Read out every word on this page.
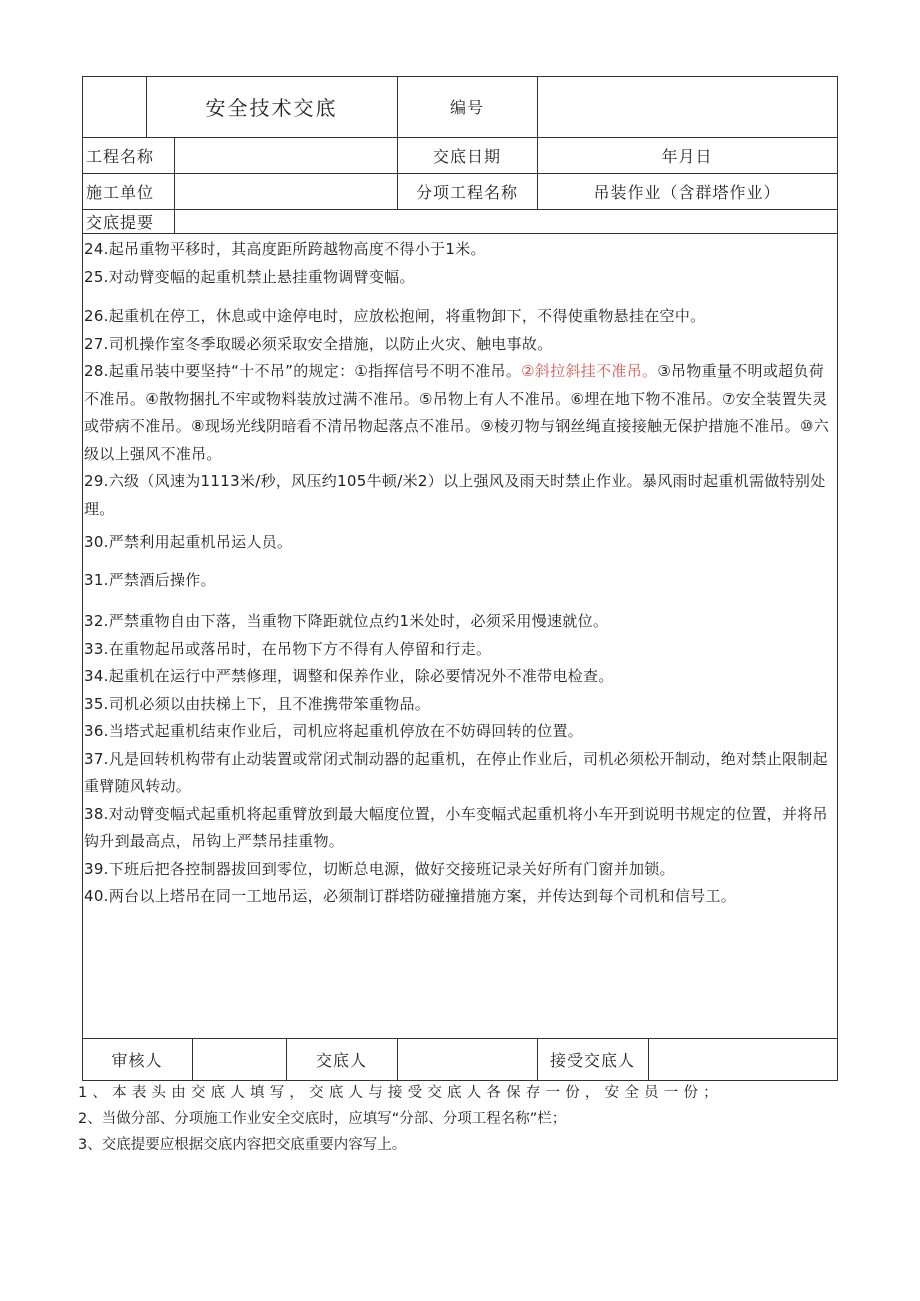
安全技术交底	编号
工程名称	交底日期	年月日
施工单位	分项工程名称	吊装作业（含群塔作业）
交底提要

24.起吊重物平移时，其高度距所跨越物高度不得小于1米。

25.对动臂变幅的起重机禁止悬挂重物调臂变幅。

26.起重机在停工，休息或中途停电时，应放松抱闸，将重物卸下，不得使重物悬挂在空中。

27.司机操作室冬季取暖必须采取安全措施，以防止火灾、触电事故。

28.起重吊装中要坚持“十不吊”的规定：①指挥信号不明不准吊。②斜拉斜挂不准吊。③吊物重量不明或超负荷不准吊。④散物捆扎不牢或物料装放过满不准吊。⑤吊物上有人不准吊。⑥埋在地下物不准吊。⑦安全装置失灵或带病不准吊。⑧现场光线阴暗看不清吊物起落点不准吊。⑨棱刃物与钢丝绳直接接触无保护措施不准吊。⑩六级以上强风不准吊。

29.六级（风速为1113米/秒，风压约105牛顿/米2）以上强风及雨天时禁止作业。暴风雨时起重机需做特别处理。

30.严禁利用起重机吊运人员。

31.严禁酒后操作。

32.严禁重物自由下落，当重物下降距就位点约1米处时，必须采用慢速就位。

33.在重物起吊或落吊时，在吊物下方不得有人停留和行走。

34.起重机在运行中严禁修理，调整和保养作业，除必要情况外不准带电检查。

35.司机必须以由扶梯上下，且不准携带笨重物品。

36.当塔式起重机结束作业后，司机应将起重机停放在不妨碍回转的位置。

37.凡是回转机构带有止动装置或常闭式制动器的起重机，在停止作业后，司机必须松开制动，绝对禁止限制起重臂随风转动。

38.对动臂变幅式起重机将起重臂放到最大幅度位置，小车变幅式起重机将小车开到说明书规定的位置，并将吊钩升到最高点，吊钩上严禁吊挂重物。

39.下班后把各控制器拔回到零位，切断总电源，做好交接班记录关好所有门窗并加锁。

40.两台以上塔吊在同一工地吊运，必须制订群塔防碰撞措施方案，并传达到每个司机和信号工。

审核人	交底人	接受交底人

1、本表头由交底人填写，交底人与接受交底人各保存一份，安全员一份；

2、当做分部、分项施工作业安全交底时，应填写“分部、分项工程名称”栏；

3、交底提要应根据交底内容把交底重要内容写上。
